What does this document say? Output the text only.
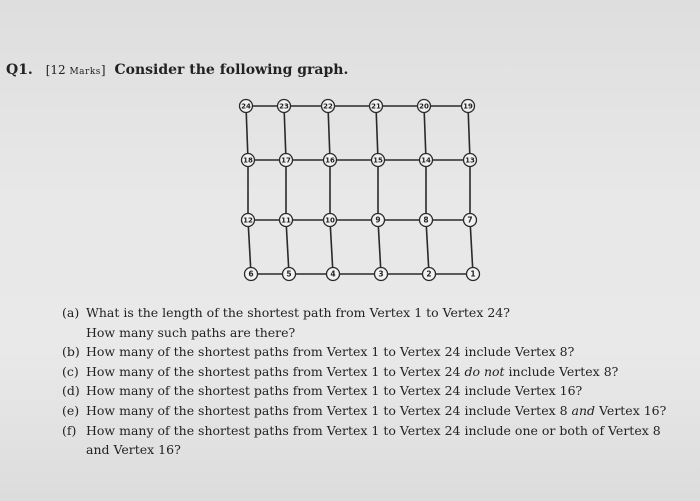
Q1. [12 Marks] Consider the following graph.
24	23	22	21	20	19
18	17	16	15	14	13
12	11	10	9	8	7
6	5	4	3	2	1
(a) What is the length of the shortest path from Vertex 1 to Vertex 24?
How many such paths are there?
(b) How many of the shortest paths from Vertex 1 to Vertex 24 include Vertex 8?
(c) How many of the shortest paths from Vertex 1 to Vertex 24 do not include Vertex 8?
(d) How many of the shortest paths from Vertex 1 to Vertex 24 include Vertex 16?
(e) How many of the shortest paths from Vertex 1 to Vertex 24 include Vertex 8 and Vertex 16?
(f) How many of the shortest paths from Vertex 1 to Vertex 24 include one or both of Vertex 8
and Vertex 16?
